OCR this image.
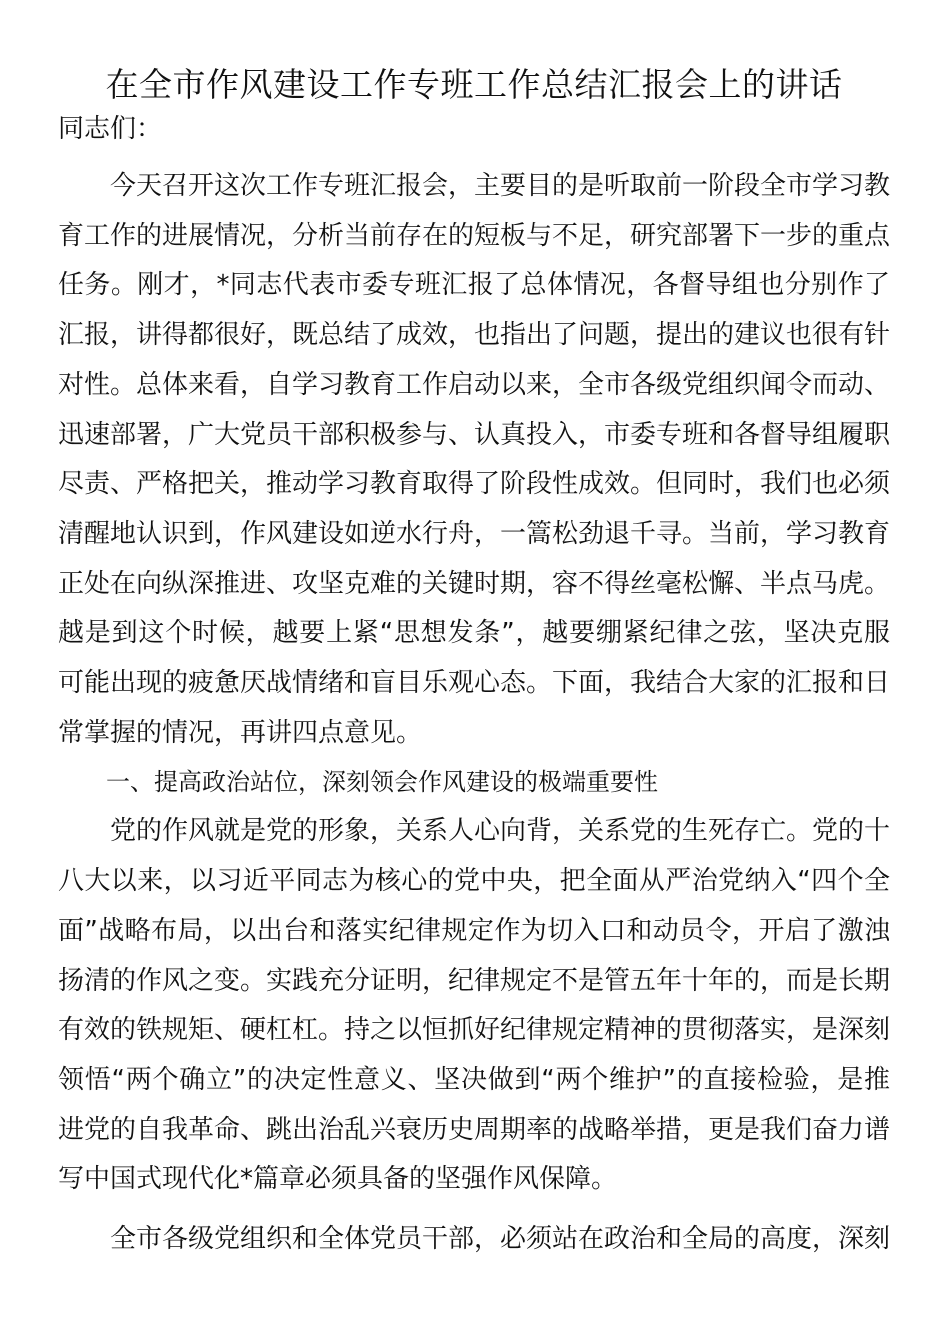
在全市作风建设工作专班工作总结汇报会上的讲话

同志们：

今天召开这次工作专班汇报会，主要目的是听取前一阶段全市学习教育工作的进展情况，分析当前存在的短板与不足，研究部署下一步的重点任务。刚才，*同志代表市委专班汇报了总体情况，各督导组也分别作了汇报，讲得都很好，既总结了成效，也指出了问题，提出的建议也很有针对性。总体来看，自学习教育工作启动以来，全市各级党组织闻令而动、迅速部署，广大党员干部积极参与、认真投入，市委专班和各督导组履职尽责、严格把关，推动学习教育取得了阶段性成效。但同时，我们也必须清醒地认识到，作风建设如逆水行舟，一篙松劲退千寻。当前，学习教育正处在向纵深推进、攻坚克难的关键时期，容不得丝毫松懈、半点马虎。越是到这个时候，越要上紧“思想发条”，越要绷紧纪律之弦，坚决克服可能出现的疲惫厌战情绪和盲目乐观心态。下面，我结合大家的汇报和日常掌握的情况，再讲四点意见。

一、提高政治站位，深刻领会作风建设的极端重要性

党的作风就是党的形象，关系人心向背，关系党的生死存亡。党的十八大以来，以习近平同志为核心的党中央，把全面从严治党纳入“四个全面”战略布局，以出台和落实纪律规定作为切入口和动员令，开启了激浊扬清的作风之变。实践充分证明，纪律规定不是管五年十年的，而是长期有效的铁规矩、硬杠杠。持之以恒抓好纪律规定精神的贯彻落实，是深刻领悟“两个确立”的决定性意义、坚决做到“两个维护”的直接检验，是推进党的自我革命、跳出治乱兴衰历史周期率的战略举措，更是我们奋力谱写中国式现代化*篇章必须具备的坚强作风保障。

全市各级党组织和全体党员干部，必须站在政治和全局的高度，深刻
